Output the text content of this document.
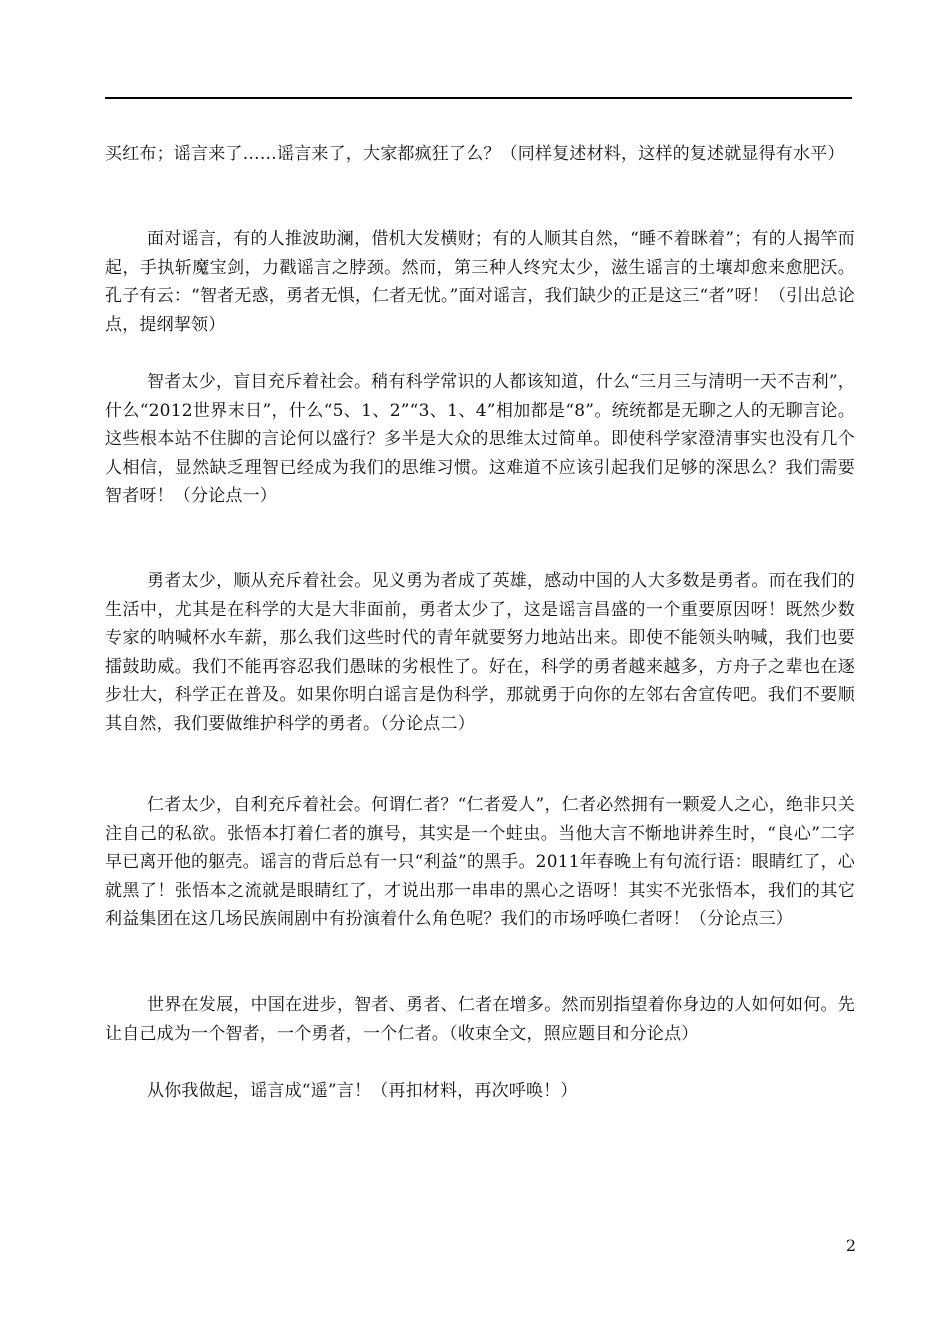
买红布；谣言来了……谣言来了，大家都疯狂了么？（同样复述材料，这样的复述就显得有水平）

面对谣言，有的人推波助澜，借机大发横财；有的人顺其自然，“睡不着眯着”；有的人揭竿而起，手执斩魔宝剑，力戳谣言之脖颈。然而，第三种人终究太少，滋生谣言的土壤却愈来愈肥沃。孔子有云：“智者无惑，勇者无惧，仁者无忧。”面对谣言，我们缺少的正是这三“者”呀！（引出总论点，提纲挈领）

智者太少，盲目充斥着社会。稍有科学常识的人都该知道，什么“三月三与清明一天不吉利”，什么“2012世界末日”，什么“5、1、2”“3、1、4”相加都是“8”。统统都是无聊之人的无聊言论。这些根本站不住脚的言论何以盛行？多半是大众的思维太过简单。即使科学家澄清事实也没有几个人相信，显然缺乏理智已经成为我们的思维习惯。这难道不应该引起我们足够的深思么？我们需要智者呀！（分论点一）

勇者太少，顺从充斥着社会。见义勇为者成了英雄，感动中国的人大多数是勇者。而在我们的生活中，尤其是在科学的大是大非面前，勇者太少了，这是谣言昌盛的一个重要原因呀！既然少数专家的呐喊杯水车薪，那么我们这些时代的青年就要努力地站出来。即使不能领头呐喊，我们也要擂鼓助威。我们不能再容忍我们愚昧的劣根性了。好在，科学的勇者越来越多，方舟子之辈也在逐步壮大，科学正在普及。如果你明白谣言是伪科学，那就勇于向你的左邻右舍宣传吧。我们不要顺其自然，我们要做维护科学的勇者。（分论点二）

仁者太少，自利充斥着社会。何谓仁者？“仁者爱人”，仁者必然拥有一颗爱人之心，绝非只关注自己的私欲。张悟本打着仁者的旗号，其实是一个蛀虫。当他大言不惭地讲养生时，“良心”二字早已离开他的躯壳。谣言的背后总有一只“利益”的黑手。2011年春晚上有句流行语：眼睛红了，心就黑了！张悟本之流就是眼睛红了，才说出那一串串的黑心之语呀！其实不光张悟本，我们的其它利益集团在这几场民族闹剧中有扮演着什么角色呢？我们的市场呼唤仁者呀！（分论点三）

世界在发展，中国在进步，智者、勇者、仁者在增多。然而别指望着你身边的人如何如何。先让自己成为一个智者，一个勇者，一个仁者。（收束全文，照应题目和分论点）

从你我做起，谣言成“遥”言！（再扣材料，再次呼唤！）

2
